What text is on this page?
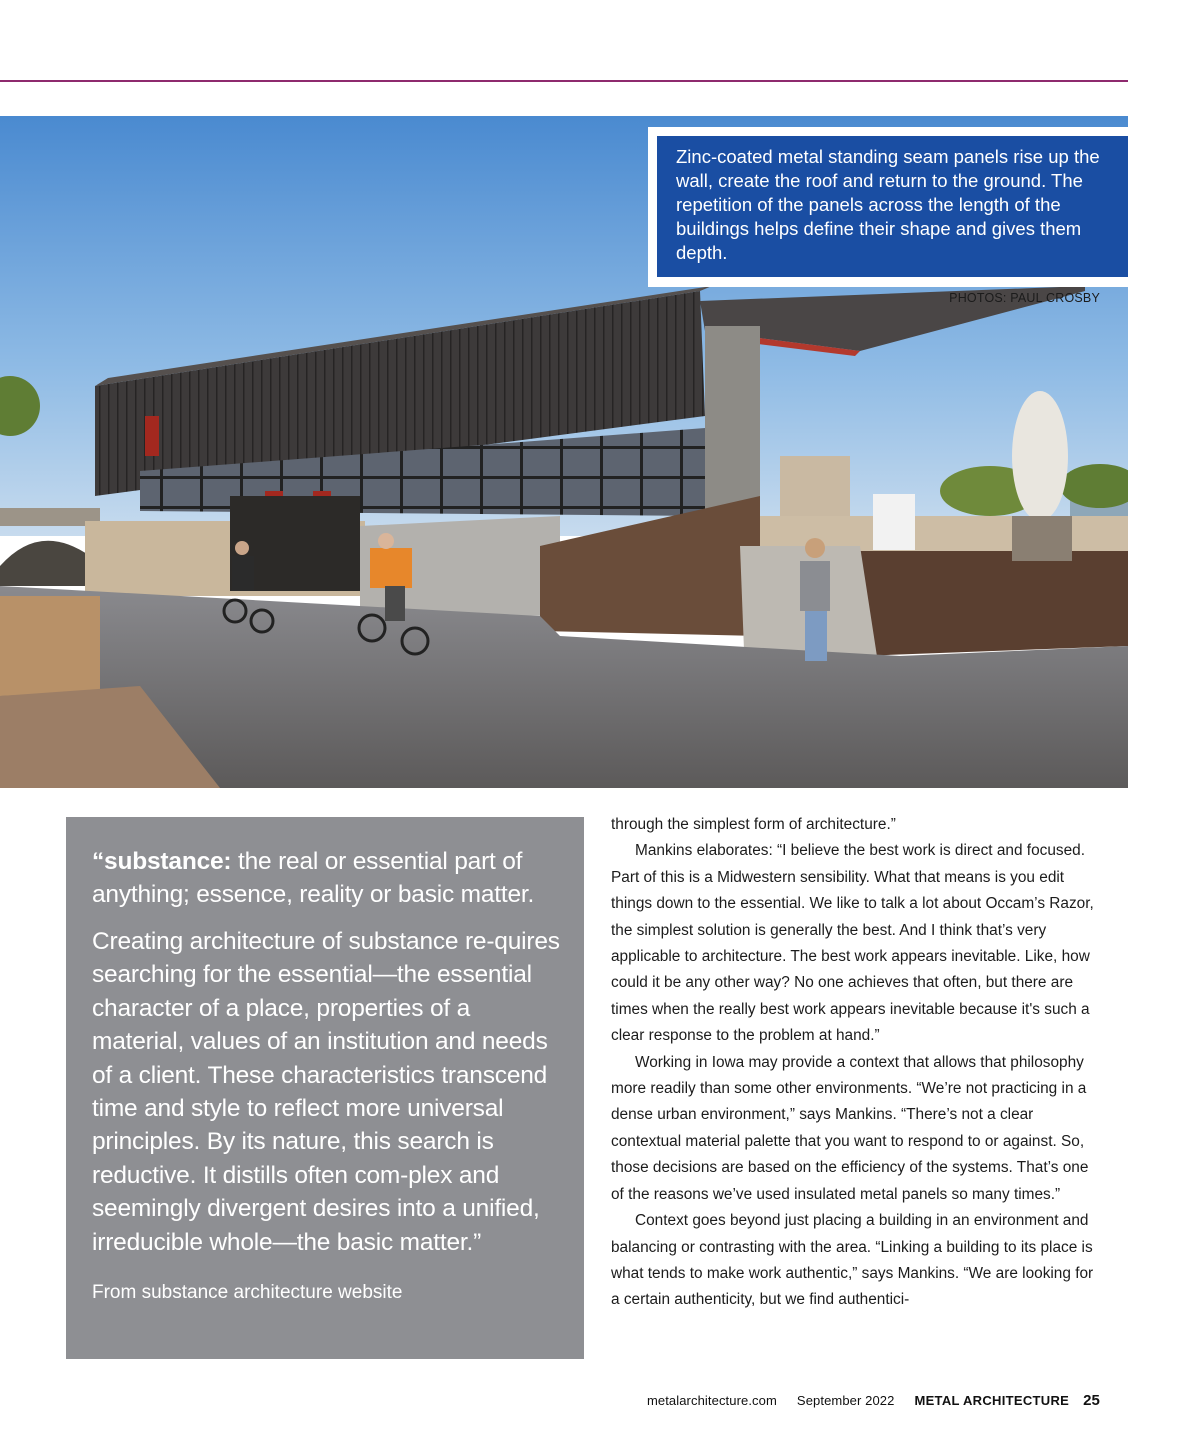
Zinc-coated metal standing seam panels rise up the wall, create the roof and return to the ground. The repetition of the panels across the length of the buildings helps define their shape and gives them depth.
PHOTOS: PAUL CROSBY

“substance: the real or essential part of anything; essence, reality or basic matter.

Creating architecture of substance re-quires searching for the essential—the essential character of a place, properties of a material, values of an institution and needs of a client. These characteristics transcend time and style to reflect more universal principles. By its nature, this search is reductive. It distills often com-plex and seemingly divergent desires into a unified, irreducible whole—the basic matter.”

From substance architecture website

through the simplest form of architecture.”

Mankins elaborates: “I believe the best work is direct and focused. Part of this is a Midwestern sensibility. What that means is you edit things down to the essential. We like to talk a lot about Occam’s Razor, the simplest solution is generally the best. And I think that’s very applicable to architecture. The best work appears inevitable. Like, how could it be any other way? No one achieves that often, but there are times when the really best work appears inevitable because it's such a clear response to the problem at hand.”

Working in Iowa may provide a context that allows that philosophy more readily than some other environments. “We’re not practicing in a dense urban environment,” says Mankins. “There’s not a clear contextual material palette that you want to respond to or against. So, those decisions are based on the efficiency of the systems. That’s one of the reasons we’ve used insulated metal panels so many times.”

Context goes beyond just placing a building in an environment and balancing or contrasting with the area. “Linking a building to its place is what tends to make work authentic,” says Mankins. “We are looking for a certain authenticity, but we find authentici-

metalarchitecture.com September 2022 METAL ARCHITECTURE 25
